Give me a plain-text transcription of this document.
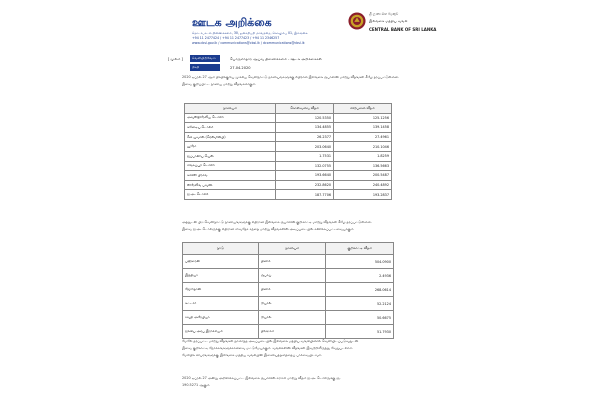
ஊடக அறிக்கை
தொடர்பாடல் திணைக்களம், 30, ஜனாதிபதி மாவத்தை, கொழும்பு 01, இலங்கை
+94 11 2477424 / +94 11 2477423 / +94 11 2346257
www.cbsl.gov.lk / communications@cbsl.lk / dcommunications@cbsl.lk
ශ්‍රී ලංකා මහ බැංකුව
இலங்கை மத்திய வங்கி
CENTRAL BANK OF SRI LANKA
[ மூலம் ]	வெளியிடுவோர்	பொருளாதார ஆய்வு திணைக்களம் - ஊடக அறிக்கைகள்
திகதி	27.04.2020
2020 ஏப்ரல் 27 ஆம் திகதிக்குரிய முக்கிய வெளிநாட்டு நாணயங்களுக்கு எதிரான இலங்கை ரூபாவின் மாற்று வீதங்கள் கீழே தரப்பட்டுள்ளன.
இவை குறிப்பிட்ட நாணய மாற்று வீதங்களாகும்.
நாணயம்	கொள்வனவு வீதம்	விற்பனை வீதம்
அவுஸ்திரேலிய டொலர்	120.5350	125.1256
கனேடிய டொலர்	134.4855	139.1458
சீன யுவான் (ரென்மின்பி)	26.2377	27.4961
யூரோ	203.0640	210.1046
ஜப்பானிய யென்	1.7531	1.8259
சிங்கப்பூர் டொலர்	132.0755	136.5663
சுவிஸ் பிராங்	193.6640	200.5487
ஸ்ரேலிங் பவுண்	232.8620	240.4892
ஐ.அ. டொலர்	187.7706	193.2837
அத்துடன் பிற வெளிநாட்டு நாணயங்களுக்கு எதிரான இலங்கை ரூபாவின் குறிகாட்டி மாற்று வீதங்கள் கீழே தரப்பட்டுள்ளன.
இவை ஐ.அ. டொலருக்கு எதிரான சர்வதேச சந்தை மாற்று வீதங்களின் அடிப்படையில் கணிக்கப்பட்டவையாகும்.
நாடு	நாணயம்	குறிகாட்டி வீதம்
பஹ்ரைன்	தினார்	504.0900
இந்தியா	ரூபாய்	2.4936
ஜோர்தான்	தினார்	268.0614
கட்டார்	றியால்	52.2124
சவுதி அரேபியா	றியால்	50.6675
ஐக்கிய அரபு இராச்சியம்	திர்ஹாம்	51.7930
மேலே தரப்பட்ட மாற்று வீதங்கள் நாளாந்த அடிப்படையில் இலங்கை மத்திய வங்கியினால் வெளியிடப்படுவதுடன்
இவை குறிகாட்டி நோக்கங்களுக்கானவை மட்டுமேயாகும். வங்கிகளின் வீதங்கள் இவற்றிலிருந்து வேறுபடலாம்.
மேலதிக விபரங்களுக்கு இலங்கை மத்திய வங்கியின் இணையத்தளத்தைப் பார்வையிடவும்.
2020 ஏப்ரல் 27 அன்று அறிவிக்கப்பட்ட இலங்கை ரூபாவின் சராசரி மாற்று வீதம் ஐ.அ. டொலருக்கு ரூ.
190.5271 ஆகும்.
